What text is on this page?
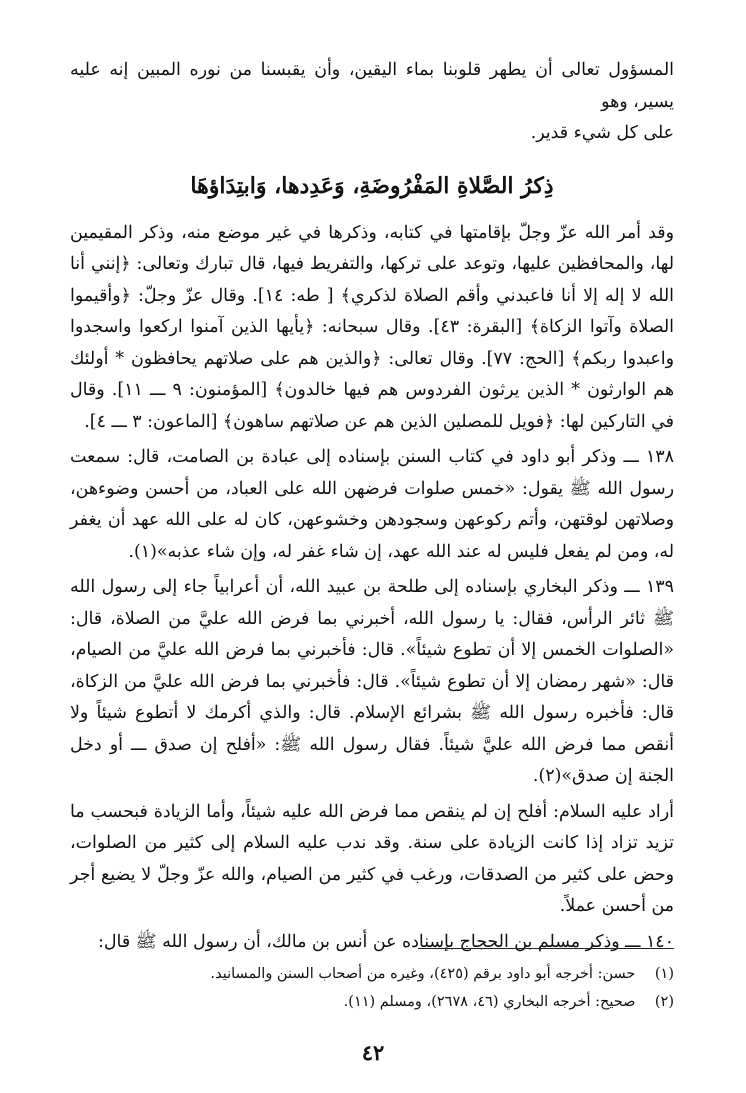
المسؤول تعالى أن يطهر قلوبنا بماء اليقين، وأن يقبسنا من نوره المبين إنه عليه يسير، وهو

على كل شيء قدير.

ذِكرُ الصَّلاةِ المَفْرُوضَةِ، وَعَدِدها، وَابتِدَاؤهَا

وقد أمر الله عزّ وجلّ بإقامتها في كتابه، وذكرها في غير موضع منه، وذكر المقيمين لها، والمحافظين عليها، وتوعد على تركها، والتفريط فيها، قال تبارك وتعالى: ﴿إنني أنا الله لا إله إلا أنا فاعبدني وأقم الصلاة لذكري﴾ [ طه: ١٤]. وقال عزّ وجلّ: ﴿وأقيموا الصلاة وآتوا الزكاة﴾ [البقرة: ٤٣]. وقال سبحانه: ﴿يأيها الذين آمنوا اركعوا واسجدوا واعبدوا ربكم﴾ [الحج: ٧٧]. وقال تعالى: ﴿والذين هم على صلاتهم يحافظون * أولئك هم الوارثون * الذين يرثون الفردوس هم فيها خالدون﴾ [المؤمنون: ٩ ـــ ١١]. وقال في التاركين لها: ﴿فويل للمصلين الذين هم عن صلاتهم ساهون﴾ [الماعون: ٣ ـــ ٤].

١٣٨ ـــ وذكر أبو داود في كتاب السنن بإسناده إلى عبادة بن الصامت، قال: سمعت رسول الله ﷺ يقول: «خمس صلوات فرضهن الله على العباد، من أحسن وضوءهن، وصلاتهن لوقتهن، وأتم ركوعهن وسجودهن وخشوعهن، كان له على الله عهد أن يغفر له، ومن لم يفعل فليس له عند الله عهد، إن شاء غفر له، وإن شاء عذبه»(١).

١٣٩ ـــ وذكر البخاري بإسناده إلى طلحة بن عبيد الله، أن أعرابياً جاء إلى رسول الله ﷺ ثائر الرأس، فقال: يا رسول الله، أخبرني بما فرض الله عليَّ من الصلاة، قال: «الصلوات الخمس إلا أن تطوع شيئاً». قال: فأخبرني بما فرض الله عليَّ من الصيام، قال: «شهر رمضان إلا أن تطوع شيئاً». قال: فأخبرني بما فرض الله عليَّ من الزكاة، قال: فأخبره رسول الله ﷺ بشرائع الإسلام. قال: والذي أكرمك لا أتطوع شيئاً ولا أنقص مما فرض الله عليَّ شيئاً. فقال رسول الله ﷺ: «أفلح إن صدق ـــ أو دخل الجنة إن صدق»(٢).

أراد عليه السلام: أفلح إن لم ينقص مما فرض الله عليه شيئاً، وأما الزيادة فبحسب ما تزيد تزاد إذا كانت الزيادة على سنة. وقد ندب عليه السلام إلى كثير من الصلوات، وحض على كثير من الصدقات، ورغب في كثير من الصيام، والله عزّ وجلّ لا يضيع أجر من أحسن عملاً.

١٤٠ ـــ وذكر مسلم بن الحجاج بإسناده عن أنس بن مالك، أن رسول الله ﷺ قال:

(١) حسن: أخرجه أبو داود برقم (٤٢٥)، وغيره من أصحاب السنن والمسانيد.

(٢) صحيح: أخرجه البخاري (٤٦، ٢٦٧٨)، ومسلم (١١).

٤٢
